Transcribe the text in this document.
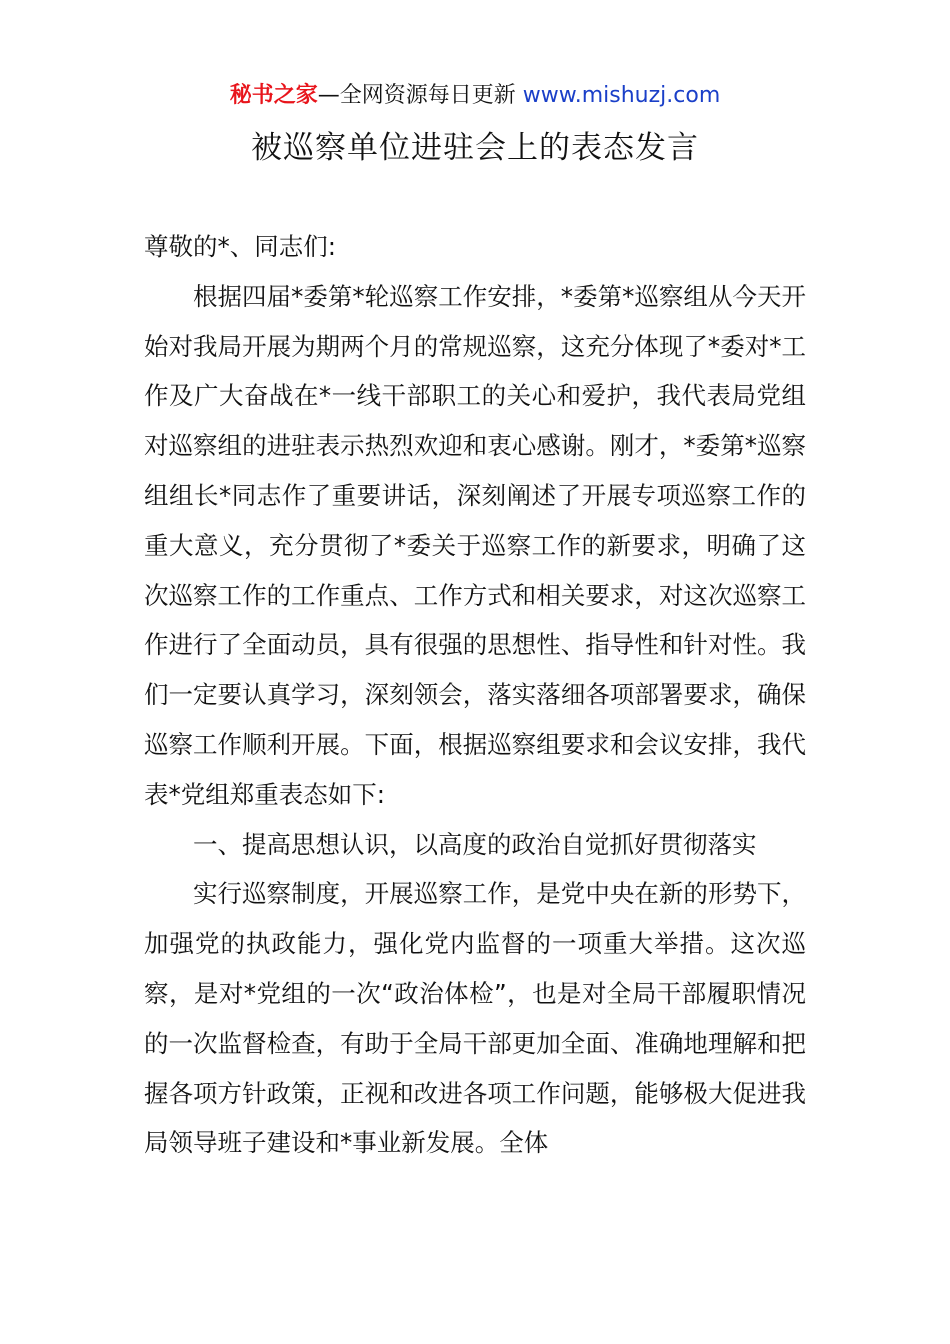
秘书之家—全网资源每日更新 www.mishuzj.com
被巡察单位进驻会上的表态发言

尊敬的*、同志们:

根据四届*委第*轮巡察工作安排，*委第*巡察组从今天开始对我局开展为期两个月的常规巡察，这充分体现了*委对*工作及广大奋战在*一线干部职工的关心和爱护，我代表局党组对巡察组的进驻表示热烈欢迎和衷心感谢。刚才，*委第*巡察组组长*同志作了重要讲话，深刻阐述了开展专项巡察工作的重大意义，充分贯彻了*委关于巡察工作的新要求，明确了这次巡察工作的工作重点、工作方式和相关要求，对这次巡察工作进行了全面动员，具有很强的思想性、指导性和针对性。我们一定要认真学习，深刻领会，落实落细各项部署要求，确保巡察工作顺利开展。下面，根据巡察组要求和会议安排，我代表*党组郑重表态如下:

一、提高思想认识，以高度的政治自觉抓好贯彻落实

实行巡察制度，开展巡察工作，是党中央在新的形势下，加强党的执政能力，强化党内监督的一项重大举措。这次巡察，是对*党组的一次“政治体检”，也是对全局干部履职情况的一次监督检查，有助于全局干部更加全面、准确地理解和把握各项方针政策，正视和改进各项工作问题，能够极大促进我局领导班子建设和*事业新发展。全体
